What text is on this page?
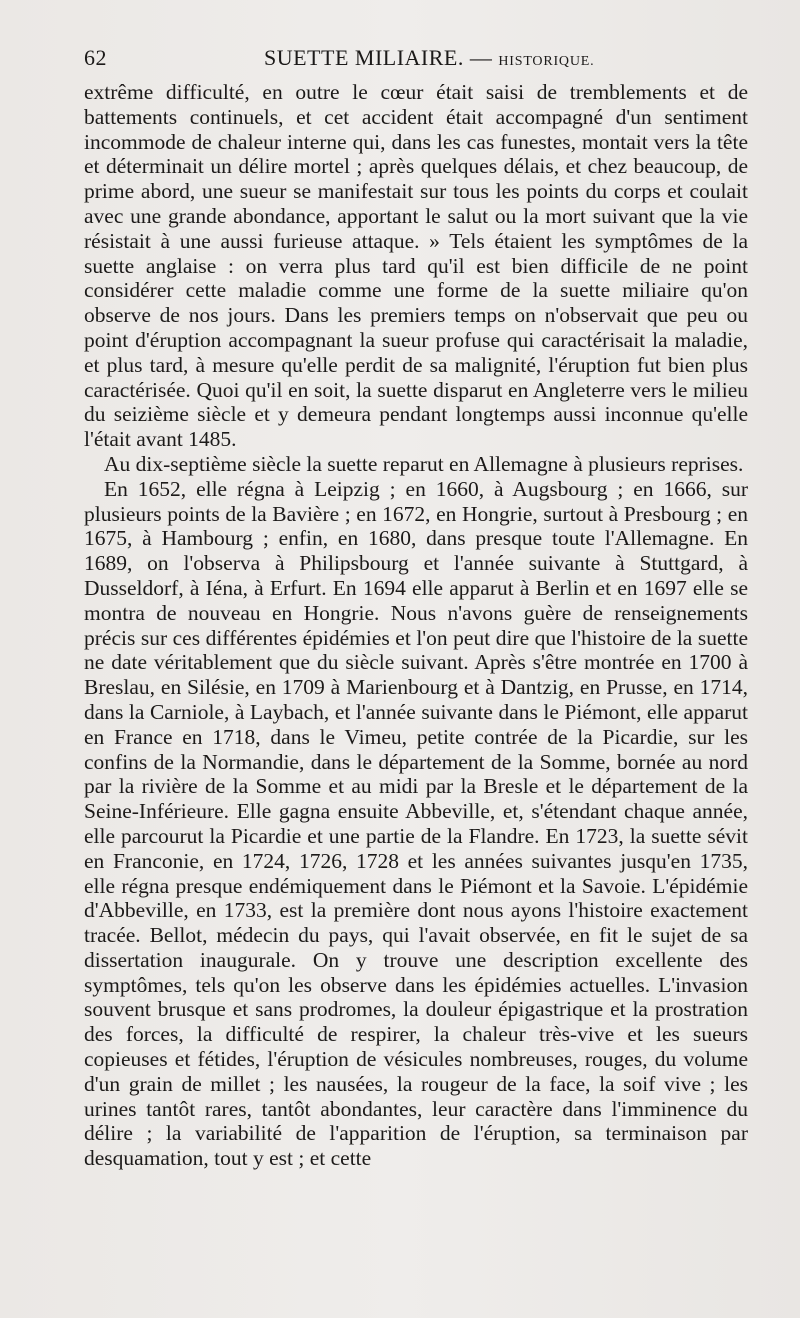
62	SUETTE MILIAIRE. — HISTORIQUE.

extrême difficulté, en outre le cœur était saisi de tremblements et de battements continuels, et cet accident était accompagné d'un sentiment incommode de chaleur interne qui, dans les cas funestes, montait vers la tête et déterminait un délire mortel ; après quelques délais, et chez beaucoup, de prime abord, une sueur se manifestait sur tous les points du corps et coulait avec une grande abondance, apportant le salut ou la mort suivant que la vie résistait à une aussi furieuse attaque. » Tels étaient les symptômes de la suette anglaise : on verra plus tard qu'il est bien difficile de ne point considérer cette maladie comme une forme de la suette miliaire qu'on observe de nos jours. Dans les premiers temps on n'observait que peu ou point d'éruption accompagnant la sueur profuse qui caractérisait la maladie, et plus tard, à mesure qu'elle perdit de sa malignité, l'éruption fut bien plus caractérisée. Quoi qu'il en soit, la suette disparut en Angleterre vers le milieu du seizième siècle et y demeura pendant longtemps aussi inconnue qu'elle l'était avant 1485.

Au dix-septième siècle la suette reparut en Allemagne à plusieurs reprises.

En 1652, elle régna à Leipzig ; en 1660, à Augsbourg ; en 1666, sur plusieurs points de la Bavière ; en 1672, en Hongrie, surtout à Presbourg ; en 1675, à Hambourg ; enfin, en 1680, dans presque toute l'Allemagne. En 1689, on l'observa à Philipsbourg et l'année suivante à Stuttgard, à Dusseldorf, à Iéna, à Erfurt. En 1694 elle apparut à Berlin et en 1697 elle se montra de nouveau en Hongrie. Nous n'avons guère de renseignements précis sur ces différentes épidémies et l'on peut dire que l'histoire de la suette ne date véritablement que du siècle suivant. Après s'être montrée en 1700 à Breslau, en Silésie, en 1709 à Marienbourg et à Dantzig, en Prusse, en 1714, dans la Carniole, à Laybach, et l'année suivante dans le Piémont, elle apparut en France en 1718, dans le Vimeu, petite contrée de la Picardie, sur les confins de la Normandie, dans le département de la Somme, bornée au nord par la rivière de la Somme et au midi par la Bresle et le département de la Seine-Inférieure. Elle gagna ensuite Abbeville, et, s'étendant chaque année, elle parcourut la Picardie et une partie de la Flandre. En 1723, la suette sévit en Franconie, en 1724, 1726, 1728 et les années suivantes jusqu'en 1735, elle régna presque endémiquement dans le Piémont et la Savoie. L'épidémie d'Abbeville, en 1733, est la première dont nous ayons l'histoire exactement tracée. Bellot, médecin du pays, qui l'avait observée, en fit le sujet de sa dissertation inaugurale. On y trouve une description excellente des symptômes, tels qu'on les observe dans les épidémies actuelles. L'invasion souvent brusque et sans prodromes, la douleur épigastrique et la prostration des forces, la difficulté de respirer, la chaleur très-vive et les sueurs copieuses et fétides, l'éruption de vésicules nombreuses, rouges, du volume d'un grain de millet ; les nausées, la rougeur de la face, la soif vive ; les urines tantôt rares, tantôt abondantes, leur caractère dans l'imminence du délire ; la variabilité de l'apparition de l'éruption, sa terminaison par desquamation, tout y est ; et cette
